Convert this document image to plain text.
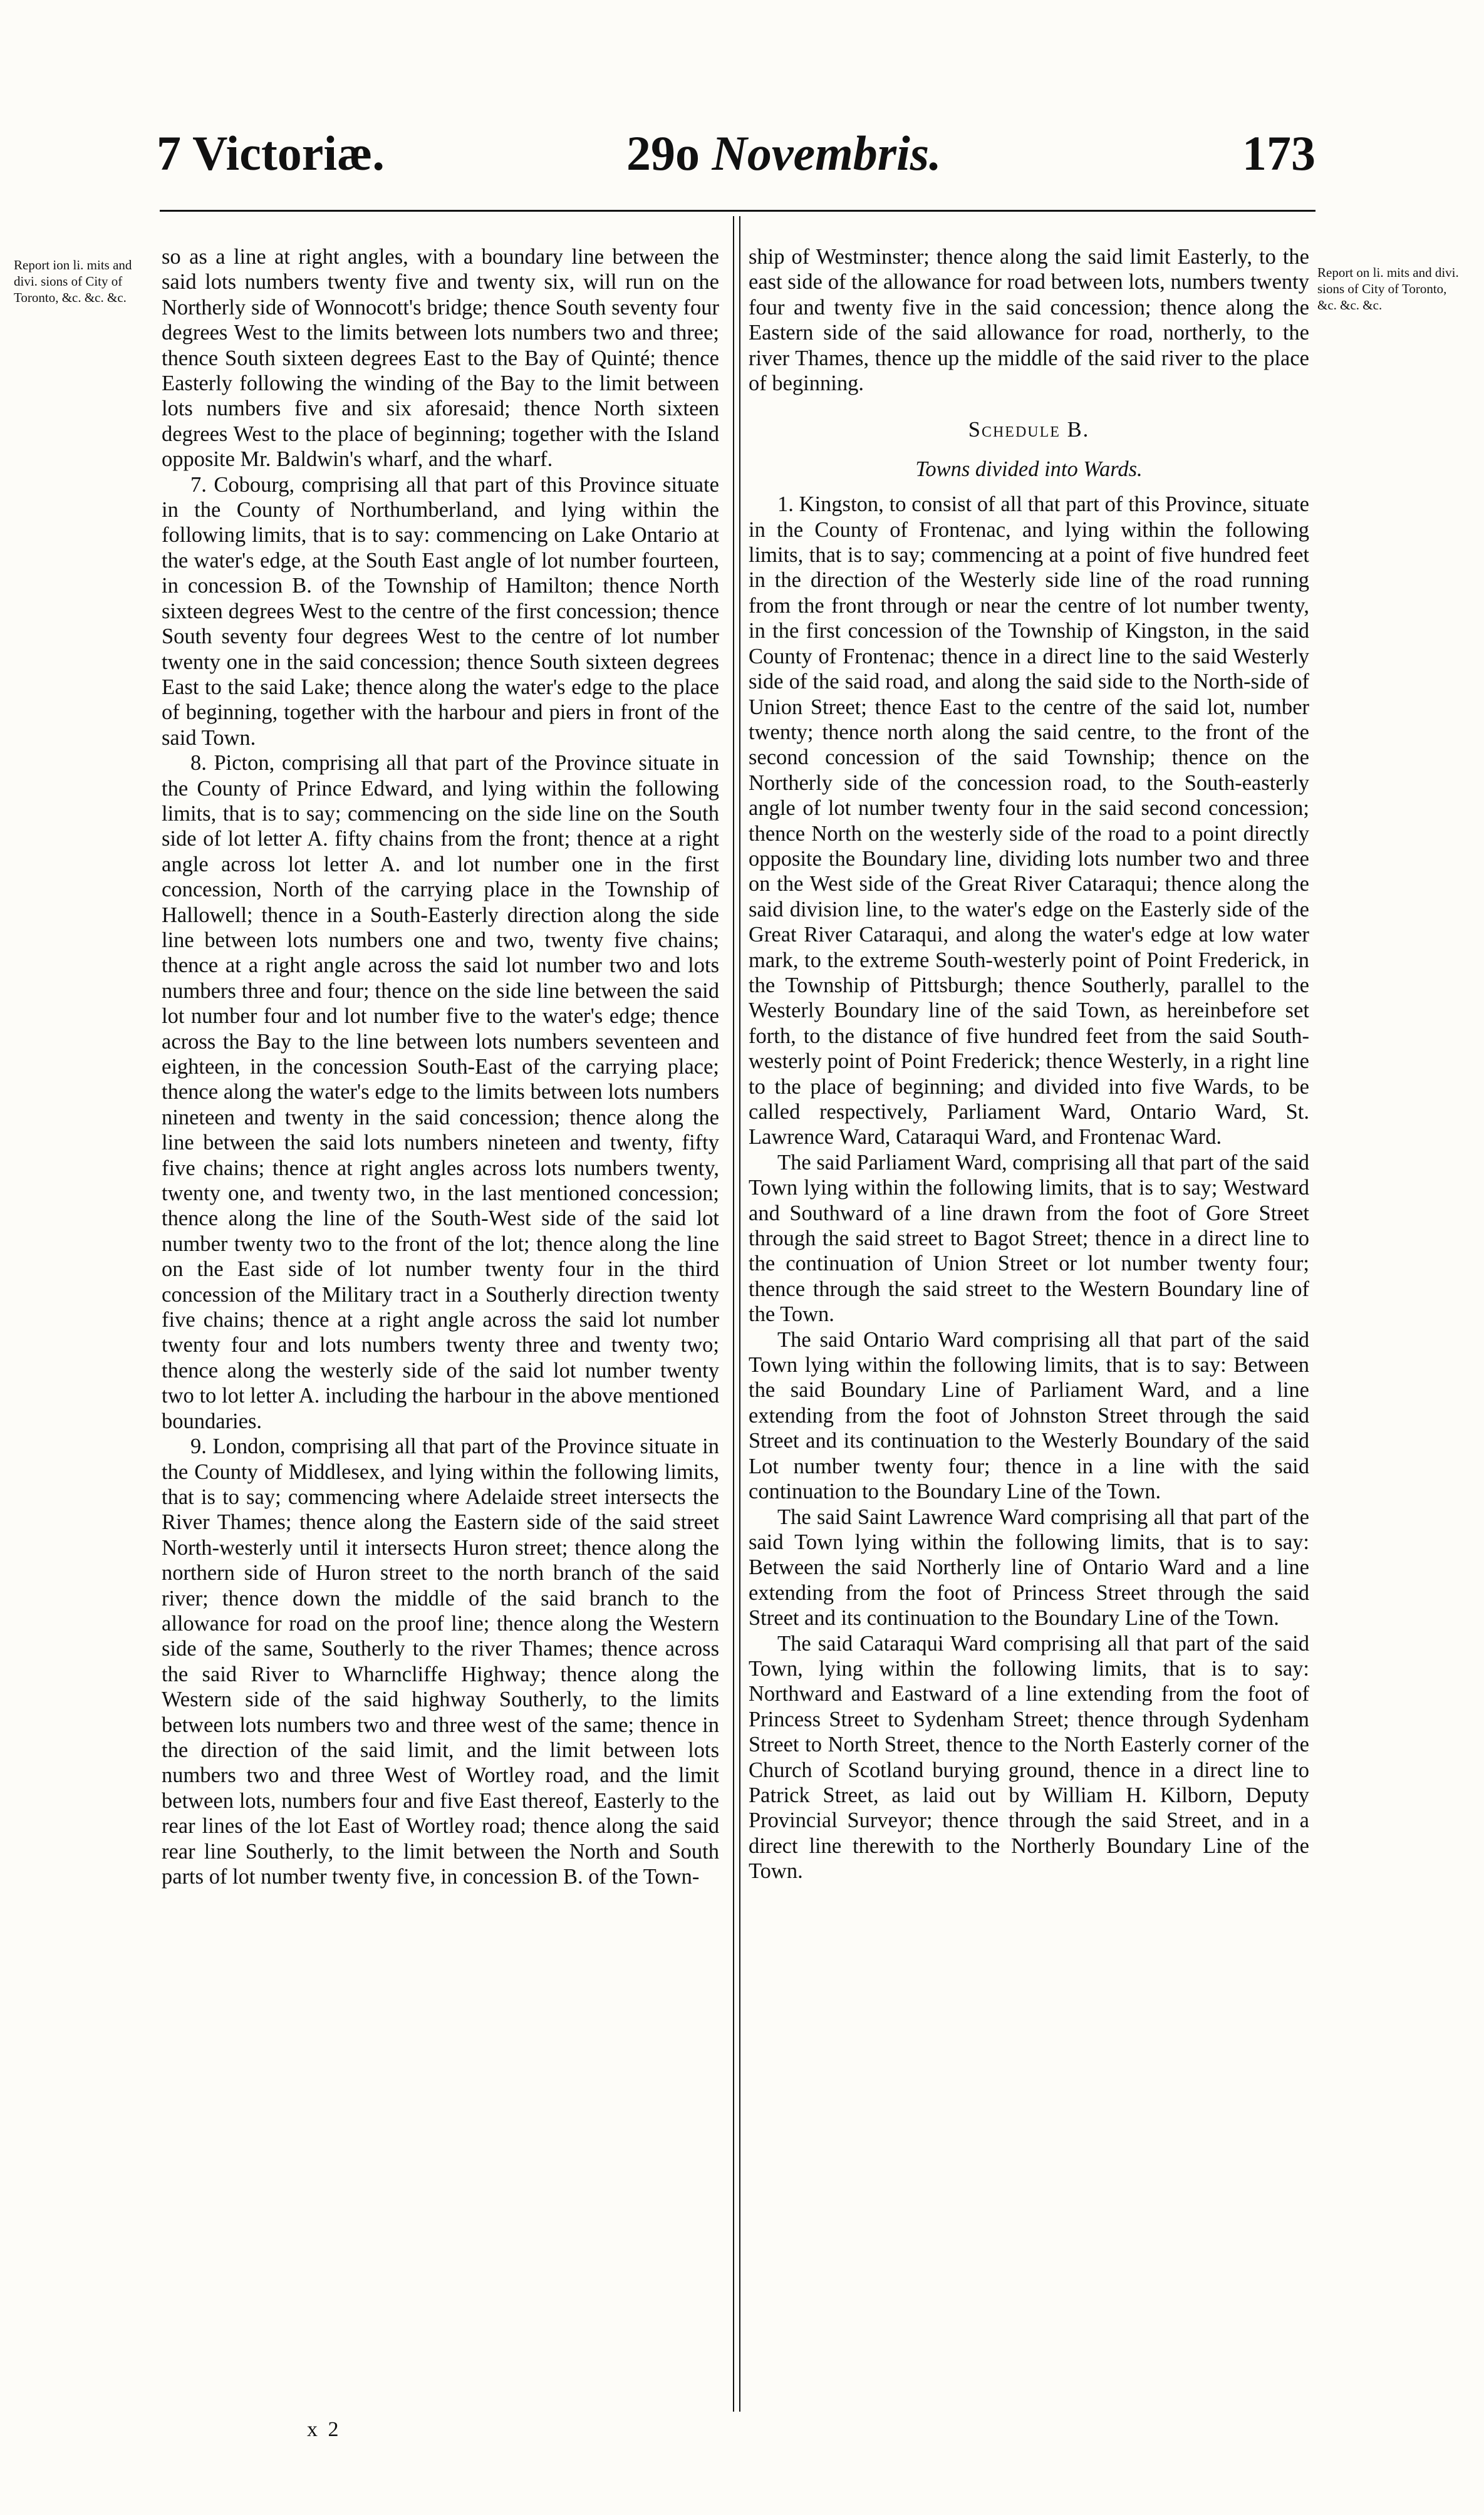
7 Victoriæ.	29o Novembris.	173
Report ion li. mits and divi. sions of City of Toronto, &c. &c. &c.
Report on li. mits and divi. sions of City of Toronto, &c. &c. &c.

so as a line at right angles, with a boundary line between the said lots numbers twenty five and twenty six, will run on the Northerly side of Wonnocott's bridge; thence South seventy four degrees West to the limits between lots numbers two and three; thence South sixteen degrees East to the Bay of Quinté; thence Easterly following the winding of the Bay to the limit between lots numbers five and six aforesaid; thence North sixteen degrees West to the place of beginning; together with the Island opposite Mr. Baldwin's wharf, and the wharf.

7. Cobourg, comprising all that part of this Province situate in the County of Northumberland, and lying within the following limits, that is to say: commencing on Lake Ontario at the water's edge, at the South East angle of lot number fourteen, in concession B. of the Township of Hamilton; thence North sixteen degrees West to the centre of the first concession; thence South seventy four degrees West to the centre of lot number twenty one in the said concession; thence South sixteen degrees East to the said Lake; thence along the water's edge to the place of beginning, together with the harbour and piers in front of the said Town.

8. Picton, comprising all that part of the Province situate in the County of Prince Edward, and lying within the following limits, that is to say; commencing on the side line on the South side of lot letter A. fifty chains from the front; thence at a right angle across lot letter A. and lot number one in the first concession, North of the carrying place in the Township of Hallowell; thence in a South-Easterly direction along the side line between lots numbers one and two, twenty five chains; thence at a right angle across the said lot number two and lots numbers three and four; thence on the side line between the said lot number four and lot number five to the water's edge; thence across the Bay to the line between lots numbers seventeen and eighteen, in the concession South-East of the carrying place; thence along the water's edge to the limits between lots numbers nineteen and twenty in the said concession; thence along the line between the said lots numbers nineteen and twenty, fifty five chains; thence at right angles across lots numbers twenty, twenty one, and twenty two, in the last mentioned concession; thence along the line of the South-West side of the said lot number twenty two to the front of the lot; thence along the line on the East side of lot number twenty four in the third concession of the Military tract in a Southerly direction twenty five chains; thence at a right angle across the said lot number twenty four and lots numbers twenty three and twenty two; thence along the westerly side of the said lot number twenty two to lot letter A. including the harbour in the above mentioned boundaries.

9. London, comprising all that part of the Province situate in the County of Middlesex, and lying within the following limits, that is to say; commencing where Adelaide street intersects the River Thames; thence along the Eastern side of the said street North-westerly until it intersects Huron street; thence along the northern side of Huron street to the north branch of the said river; thence down the middle of the said branch to the allowance for road on the proof line; thence along the Western side of the same, Southerly to the river Thames; thence across the said River to Wharncliffe Highway; thence along the Western side of the said highway Southerly, to the limits between lots numbers two and three west of the same; thence in the direction of the said limit, and the limit between lots numbers two and three West of Wortley road, and the limit between lots, numbers four and five East thereof, Easterly to the rear lines of the lot East of Wortley road; thence along the said rear line Southerly, to the limit between the North and South parts of lot number twenty five, in concession B. of the Town-

ship of Westminster; thence along the said limit Easterly, to the east side of the allowance for road between lots, numbers twenty four and twenty five in the said concession; thence along the Eastern side of the said allowance for road, northerly, to the river Thames, thence up the middle of the said river to the place of beginning.

Schedule B.

Towns divided into Wards.

1. Kingston, to consist of all that part of this Province, situate in the County of Frontenac, and lying within the following limits, that is to say; commencing at a point of five hundred feet in the direction of the Westerly side line of the road running from the front through or near the centre of lot number twenty, in the first concession of the Township of Kingston, in the said County of Frontenac; thence in a direct line to the said Westerly side of the said road, and along the said side to the North-side of Union Street; thence East to the centre of the said lot, number twenty; thence north along the said centre, to the front of the second concession of the said Township; thence on the Northerly side of the concession road, to the South-easterly angle of lot number twenty four in the said second concession; thence North on the westerly side of the road to a point directly opposite the Boundary line, dividing lots number two and three on the West side of the Great River Cataraqui; thence along the said division line, to the water's edge on the Easterly side of the Great River Cataraqui, and along the water's edge at low water mark, to the extreme South-westerly point of Point Frederick, in the Township of Pittsburgh; thence Southerly, parallel to the Westerly Boundary line of the said Town, as hereinbefore set forth, to the distance of five hundred feet from the said South-westerly point of Point Frederick; thence Westerly, in a right line to the place of beginning; and divided into five Wards, to be called respectively, Parliament Ward, Ontario Ward, St. Lawrence Ward, Cataraqui Ward, and Frontenac Ward.

The said Parliament Ward, comprising all that part of the said Town lying within the following limits, that is to say; Westward and Southward of a line drawn from the foot of Gore Street through the said street to Bagot Street; thence in a direct line to the continuation of Union Street or lot number twenty four; thence through the said street to the Western Boundary line of the Town.

The said Ontario Ward comprising all that part of the said Town lying within the following limits, that is to say: Between the said Boundary Line of Parliament Ward, and a line extending from the foot of Johnston Street through the said Street and its continuation to the Westerly Boundary of the said Lot number twenty four; thence in a line with the said continuation to the Boundary Line of the Town.

The said Saint Lawrence Ward comprising all that part of the said Town lying within the following limits, that is to say: Between the said Northerly line of Ontario Ward and a line extending from the foot of Princess Street through the said Street and its continuation to the Boundary Line of the Town.

The said Cataraqui Ward comprising all that part of the said Town, lying within the following limits, that is to say: Northward and Eastward of a line extending from the foot of Princess Street to Sydenham Street; thence through Sydenham Street to North Street, thence to the North Easterly corner of the Church of Scotland burying ground, thence in a direct line to Patrick Street, as laid out by William H. Kilborn, Deputy Provincial Surveyor; thence through the said Street, and in a direct line therewith to the Northerly Boundary Line of the Town.

x 2
